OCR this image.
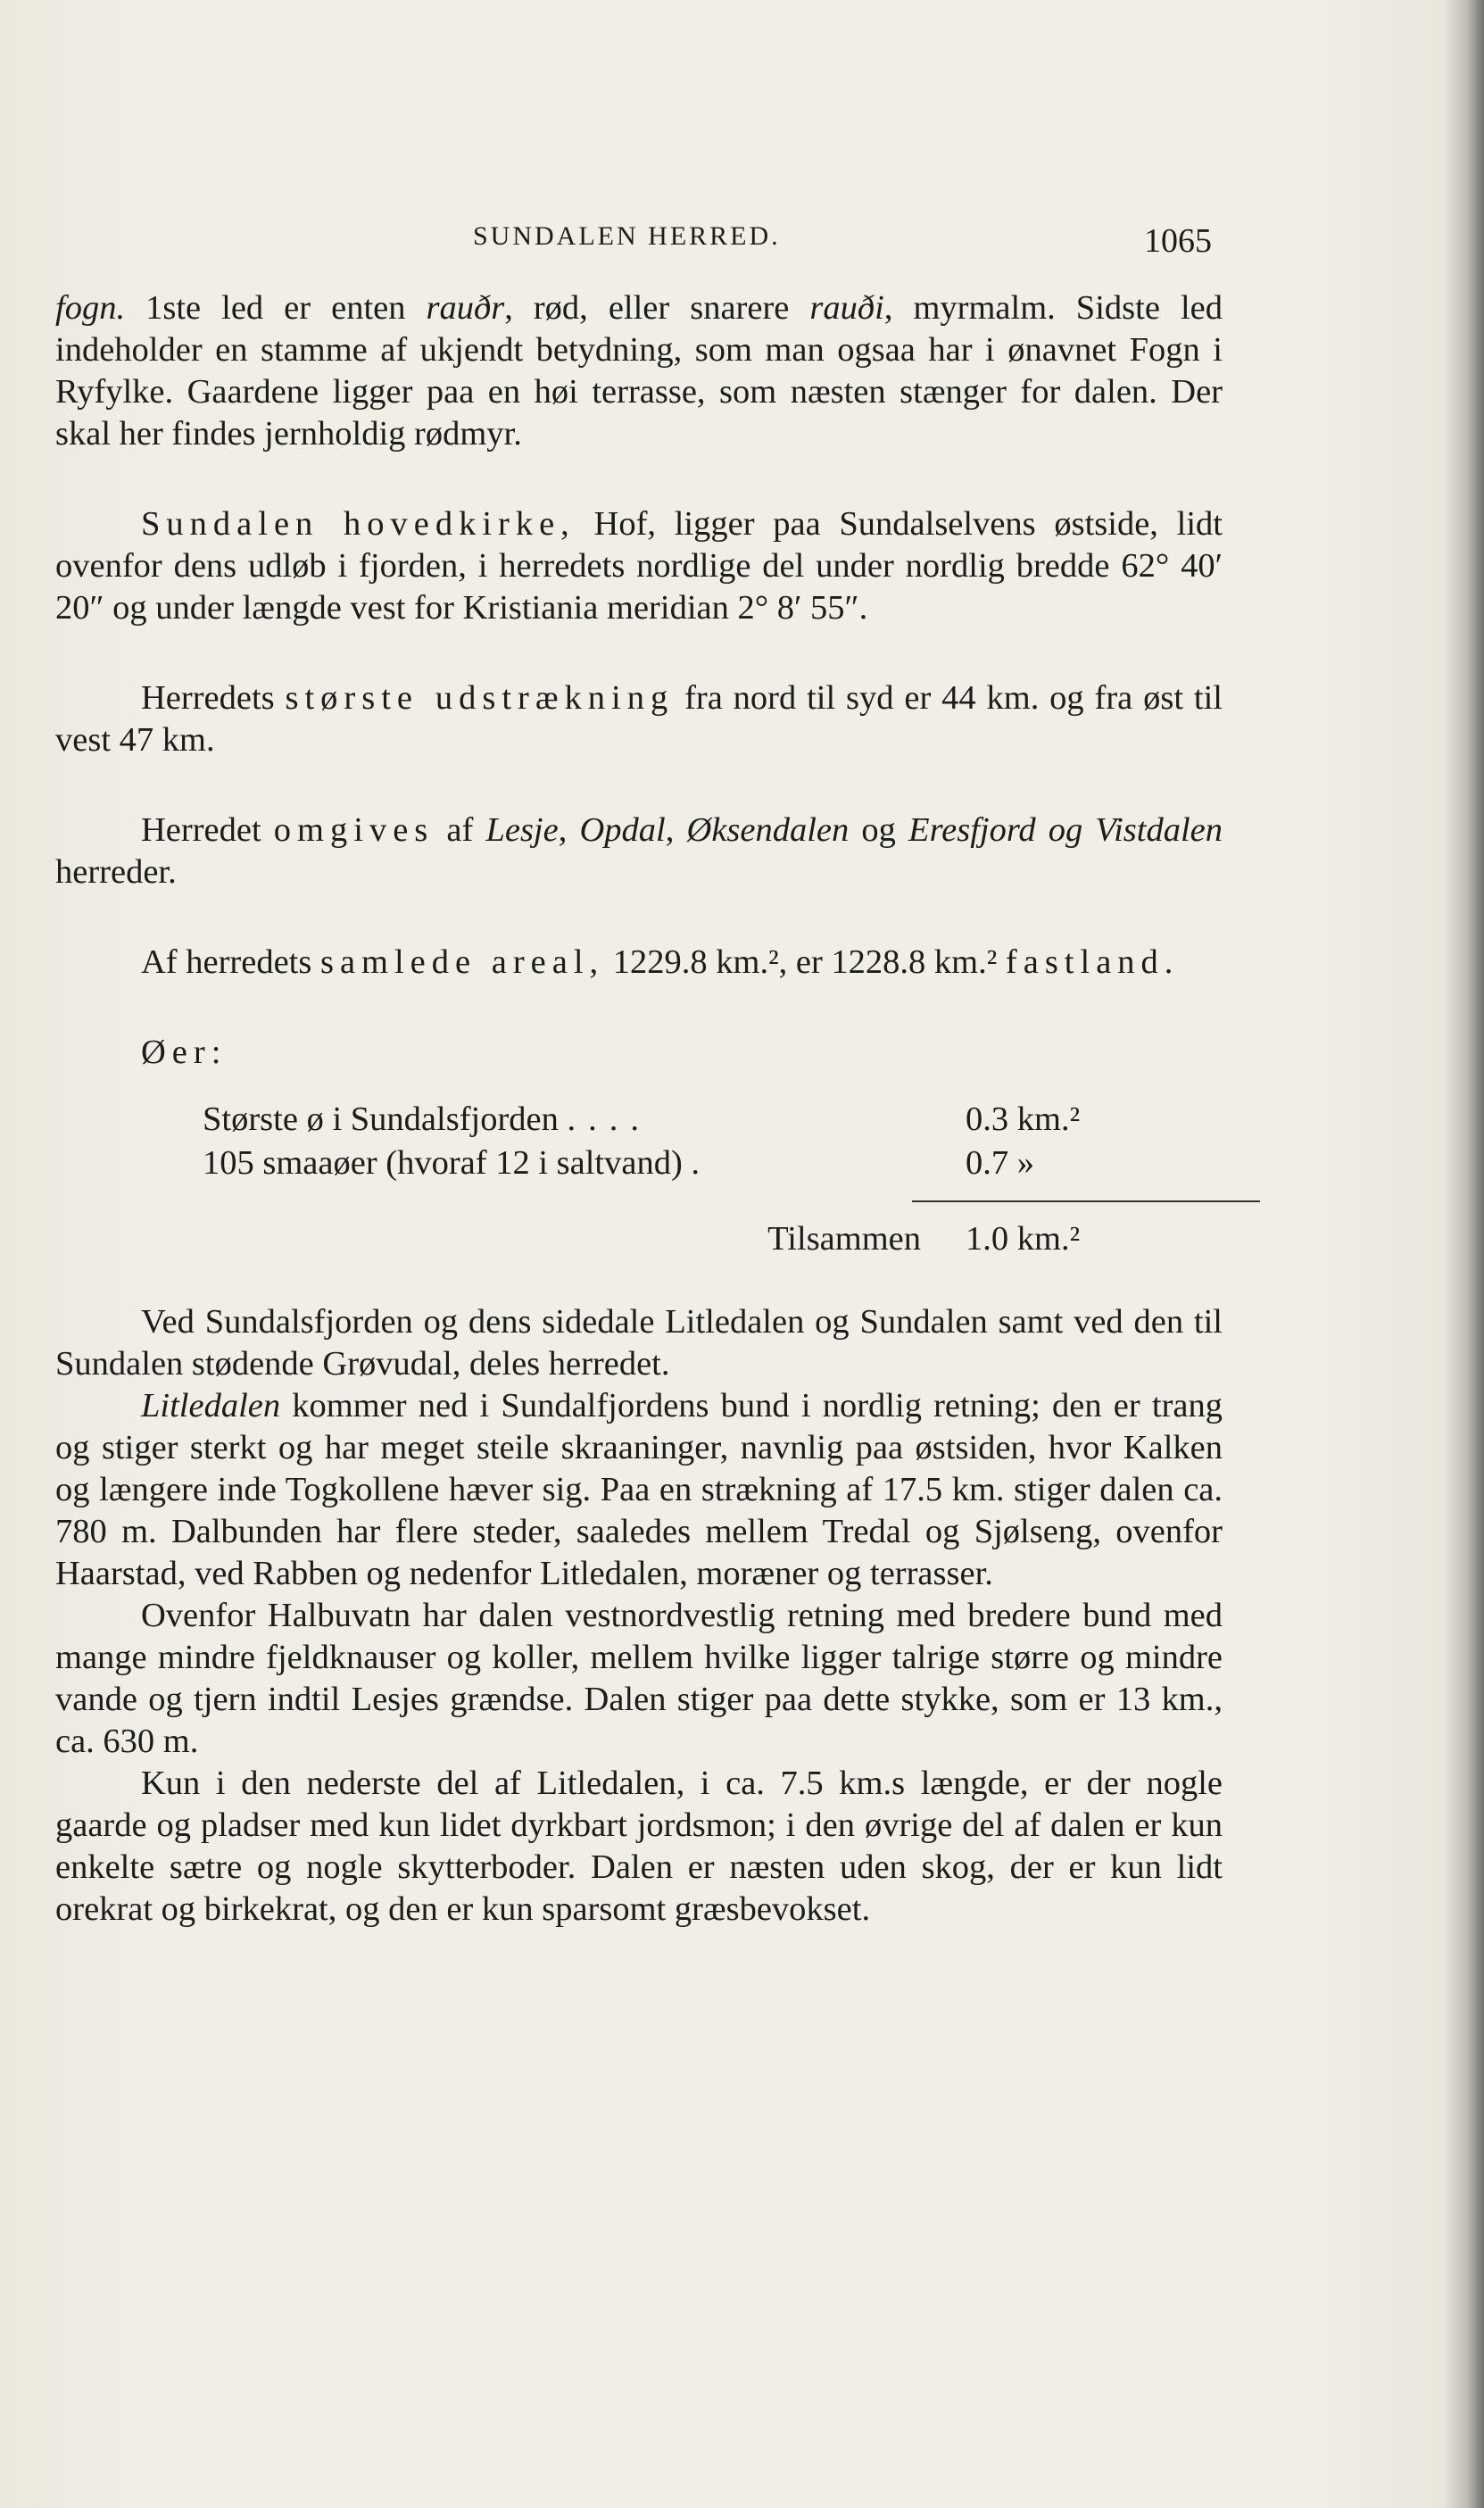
SUNDALEN HERRED.	1065

fogn. 1ste led er enten rauðr, rød, eller snarere rauði, myrmalm. Sidste led indeholder en stamme af ukjendt betydning, som man ogsaa har i ønavnet Fogn i Ryfylke. Gaardene ligger paa en høi terrasse, som næsten stænger for dalen. Der skal her findes jernholdig rødmyr.

Sundalen hovedkirke, Hof, ligger paa Sundalselvens østside, lidt ovenfor dens udløb i fjorden, i herredets nordlige del under nordlig bredde 62° 40′ 20″ og under længde vest for Kristiania meridian 2° 8′ 55″.

Herredets største udstrækning fra nord til syd er 44 km. og fra øst til vest 47 km.

Herredet omgives af Lesje, Opdal, Øksendalen og Eresfjord og Vistdalen herreder.

Af herredets samlede areal, 1229.8 km.², er 1228.8 km.² fastland.

Øer:

Største ø i Sundalsfjorden ....	0.3 km.²
105 smaaøer (hvoraf 12 i saltvand) .	0.7 »
Tilsammen	1.0 km.²

Ved Sundalsfjorden og dens sidedale Litledalen og Sundalen samt ved den til Sundalen stødende Grøvudal, deles herredet.

Litledalen kommer ned i Sundalfjordens bund i nordlig retning; den er trang og stiger sterkt og har meget steile skraaninger, navnlig paa østsiden, hvor Kalken og længere inde Togkollene hæver sig. Paa en strækning af 17.5 km. stiger dalen ca. 780 m. Dalbunden har flere steder, saaledes mellem Tredal og Sjølseng, ovenfor Haarstad, ved Rabben og nedenfor Litledalen, moræner og terrasser.

Ovenfor Halbuvatn har dalen vestnordvestlig retning med bredere bund med mange mindre fjeldknauser og koller, mellem hvilke ligger talrige større og mindre vande og tjern indtil Lesjes grændse. Dalen stiger paa dette stykke, som er 13 km., ca. 630 m.

Kun i den nederste del af Litledalen, i ca. 7.5 km.s længde, er der nogle gaarde og pladser med kun lidet dyrkbart jordsmon; i den øvrige del af dalen er kun enkelte sætre og nogle skytterboder. Dalen er næsten uden skog, der er kun lidt orekrat og birkekrat, og den er kun sparsomt græsbevokset.
